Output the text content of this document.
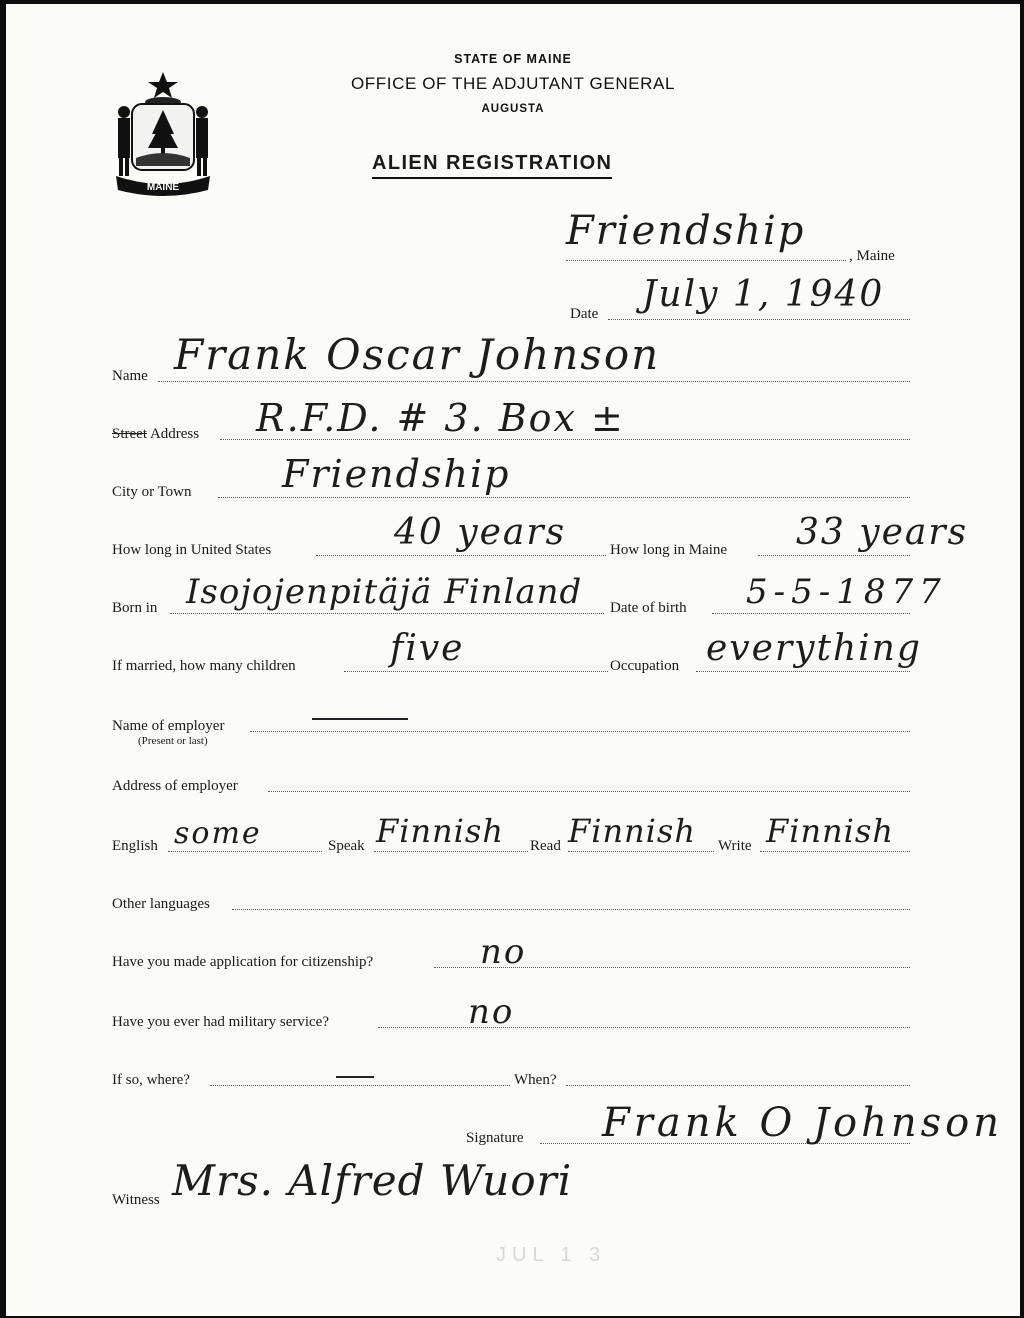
MAINE
STATE OF MAINE
OFFICE OF THE ADJUTANT GENERAL
AUGUSTA
ALIEN REGISTRATION
Friendship
, Maine
Date July 1, 1940
Name Frank Oscar Johnson
Street Address R.F.D. # 3. Box ±
City or Town Friendship
How long in United States	40 years	How long in Maine 33 years
Born in Isojojenpitäjä Finland Date of birth 5-5-1877
If married, how many children	five	Occupation everything
Name of employer
(Present or last)
Address of employer
English some	Speak Finnish Read Finnish Write Finnish
Other languages
Have you made application for citizenship?	no
Have you ever had military service?	no
If so, where?	When?
Signature Frank O Johnson
Witness Mrs. Alfred Wuori
JUL 1 3
